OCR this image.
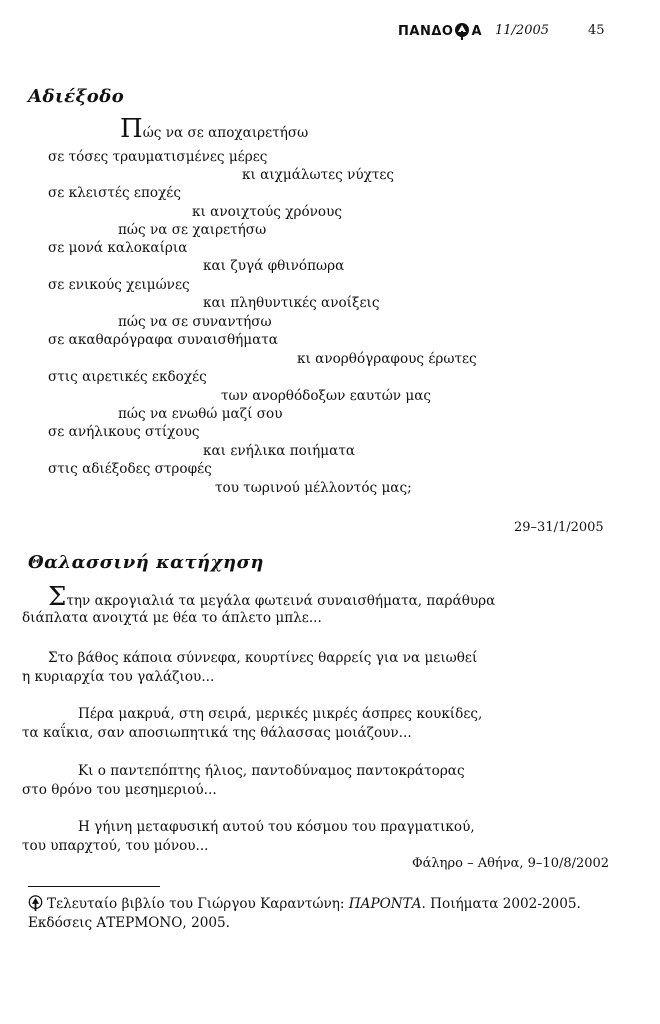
ΠΑΝΔΟ Α 11/2005	45
Αδιέξοδο
Πώς να σε αποχαιρετήσω
σε τόσες τραυματισμένες μέρες
κι αιχμάλωτες νύχτες
σε κλειστές εποχές
κι ανοιχτούς χρόνους
πώς να σε χαιρετήσω
σε μονά καλοκαίρια
και ζυγά φθινόπωρα
σε ενικούς χειμώνες
και πληθυντικές ανοίξεις
πώς να σε συναντήσω
σε ακαθαρόγραφα συναισθήματα
κι ανορθόγραφους έρωτες
στις αιρετικές εκδοχές
των ανορθόδοξων εαυτών μας
πώς να ενωθώ μαζί σου
σε ανήλικους στίχους
και ενήλικα ποιήματα
στις αδιέξοδες στροφές
του τωρινού μέλλοντός μας;
29–31/1/2005
Θαλασσινή κατήχηση
Στην ακρογιαλιά τα μεγάλα φωτεινά συναισθήματα, παράθυρα
διάπλατα ανοιχτά με θέα το άπλετο μπλε...
Στο βάθος κάποια σύννεφα, κουρτίνες θαρρείς για να μειωθεί
η κυριαρχία του γαλάζιου...
Πέρα μακρυά, στη σειρά, μερικές μικρές άσπρες κουκίδες,
τα καΐκια, σαν αποσιωπητικά της θάλασσας μοιάζουν...
Κι ο παντεπόπτης ήλιος, παντοδύναμος παντοκράτορας
στο θρόνο του μεσημεριού...
Η γήινη μεταφυσική αυτού του κόσμου του πραγματικού,
του υπαρχτού, του μόνου...
Φάληρο – Αθήνα, 9–10/8/2002
Τελευταίο βιβλίο του Γιώργου Καραντώνη: ΠΑΡΟΝΤΑ. Ποιήματα 2002-2005.
Εκδόσεις ΑΤΕΡΜΟΝΟ, 2005.
